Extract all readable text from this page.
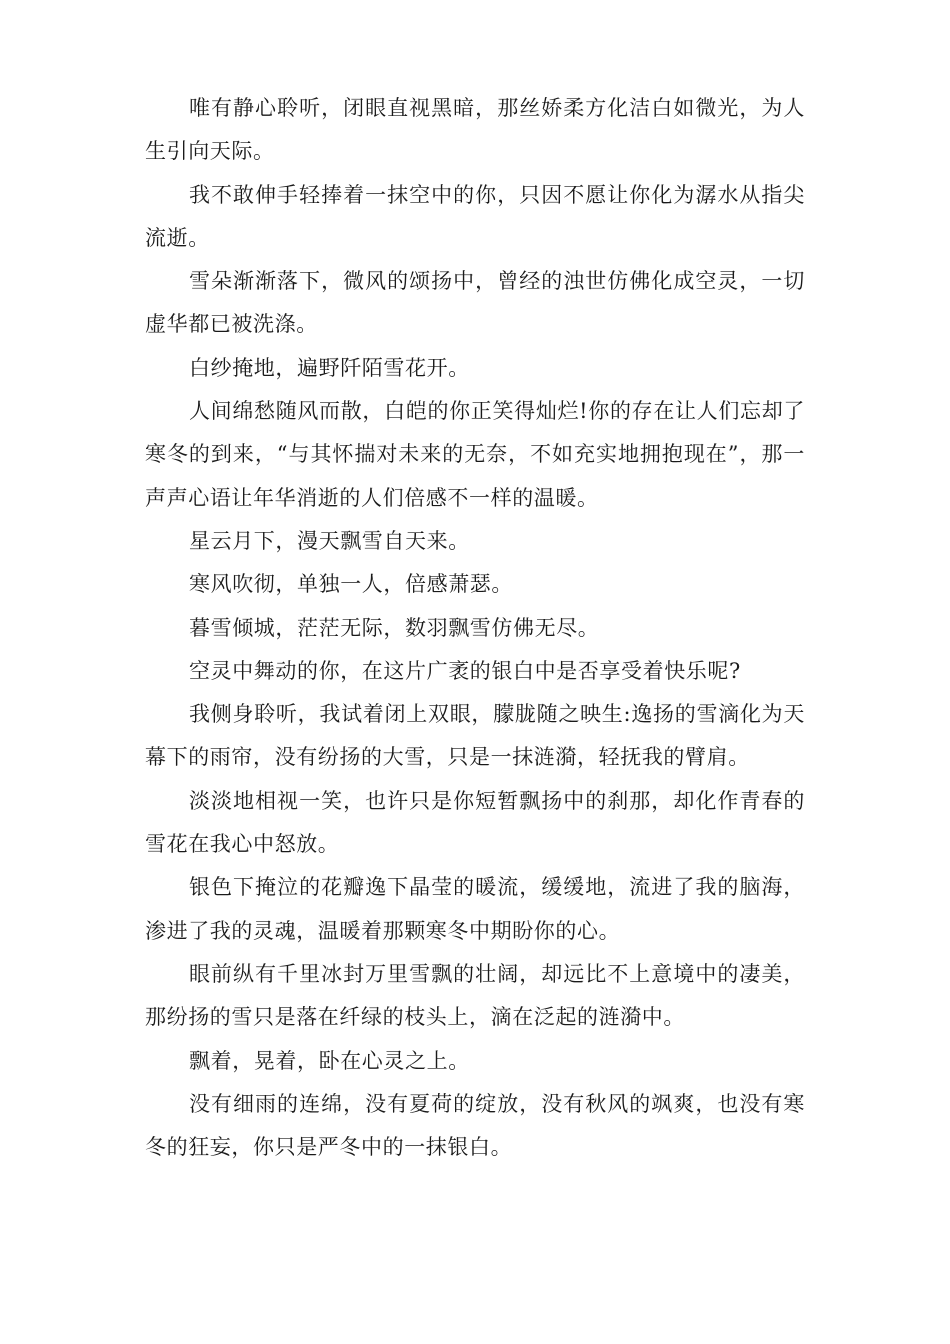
唯有静心聆听，闭眼直视黑暗，那丝娇柔方化洁白如微光，为人生引向天际。

我不敢伸手轻捧着一抹空中的你，只因不愿让你化为潺水从指尖流逝。

雪朵渐渐落下，微风的颂扬中，曾经的浊世仿佛化成空灵，一切虚华都已被洗涤。

白纱掩地，遍野阡陌雪花开。

人间绵愁随风而散，白皑的你正笑得灿烂!你的存在让人们忘却了寒冬的到来，“与其怀揣对未来的无奈，不如充实地拥抱现在”，那一声声心语让年华消逝的人们倍感不一样的温暖。

星云月下，漫天飘雪自天来。

寒风吹彻，单独一人，倍感萧瑟。

暮雪倾城，茫茫无际，数羽飘雪仿佛无尽。

空灵中舞动的你，在这片广袤的银白中是否享受着快乐呢?

我侧身聆听，我试着闭上双眼，朦胧随之映生:逸扬的雪滴化为天幕下的雨帘，没有纷扬的大雪，只是一抹涟漪，轻抚我的臂肩。

淡淡地相视一笑，也许只是你短暂飘扬中的刹那，却化作青春的雪花在我心中怒放。

银色下掩泣的花瓣逸下晶莹的暖流，缓缓地，流进了我的脑海，渗进了我的灵魂，温暖着那颗寒冬中期盼你的心。

眼前纵有千里冰封万里雪飘的壮阔，却远比不上意境中的凄美，那纷扬的雪只是落在纤绿的枝头上，滴在泛起的涟漪中。

飘着，晃着，卧在心灵之上。

没有细雨的连绵，没有夏荷的绽放，没有秋风的飒爽，也没有寒冬的狂妄，你只是严冬中的一抹银白。
